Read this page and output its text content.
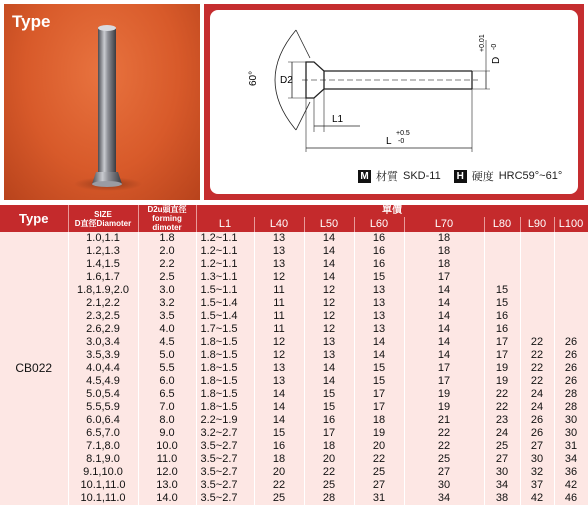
Type
60° D2
D
+0.01 -0
L1
L
+0.5
-0
M 材質 SKD-11 H 硬度 HRC59°~61°
Type	SIZE
D直徑Diamoter	D2u頭直徑
forming dimoter	單價							
			L1	L40	L50	L60	L70	L80	L90	L100
CB022	1.0,1.1	1.8	1.2~1.1	13	14	16	18			
	1.2,1.3	2.0	1.2~1.1	13	14	16	18			
	1.4,1.5	2.2	1.2~1.1	13	14	16	18			
	1.6,1.7	2.5	1.3~1.1	12	14	15	17			
	1.8,1.9,2.0	3.0	1.5~1.1	11	12	13	14	15		
	2.1,2.2	3.2	1.5~1.4	11	12	13	14	15		
	2.3,2.5	3.5	1.5~1.4	11	12	13	14	16		
	2.6,2.9	4.0	1.7~1.5	11	12	13	14	16		
	3.0,3.4	4.5	1.8~1.5	12	13	14	14	17	22	26
	3.5,3.9	5.0	1.8~1.5	12	13	14	14	17	22	26
	4.0,4.4	5.5	1.8~1.5	13	14	15	17	19	22	26
	4.5,4.9	6.0	1.8~1.5	13	14	15	17	19	22	26
	5.0,5.4	6.5	1.8~1.5	14	15	17	19	22	24	28
	5.5,5.9	7.0	1.8~1.5	14	15	17	19	22	24	28
	6.0,6.4	8.0	2.2~1.9	14	16	18	21	23	26	30
	6.5,7.0	9.0	3.2~2.7	15	17	19	22	24	26	30
	7.1,8.0	10.0	3.5~2.7	16	18	20	22	25	27	31
	8.1,9.0	11.0	3.5~2.7	18	20	22	25	27	30	34
	9.1,10.0	12.0	3.5~2.7	20	22	25	27	30	32	36
	10.1,11.0	13.0	3.5~2.7	22	25	27	30	34	37	42
	10.1,11.0	14.0	3.5~2.7	25	28	31	34	38	42	46
